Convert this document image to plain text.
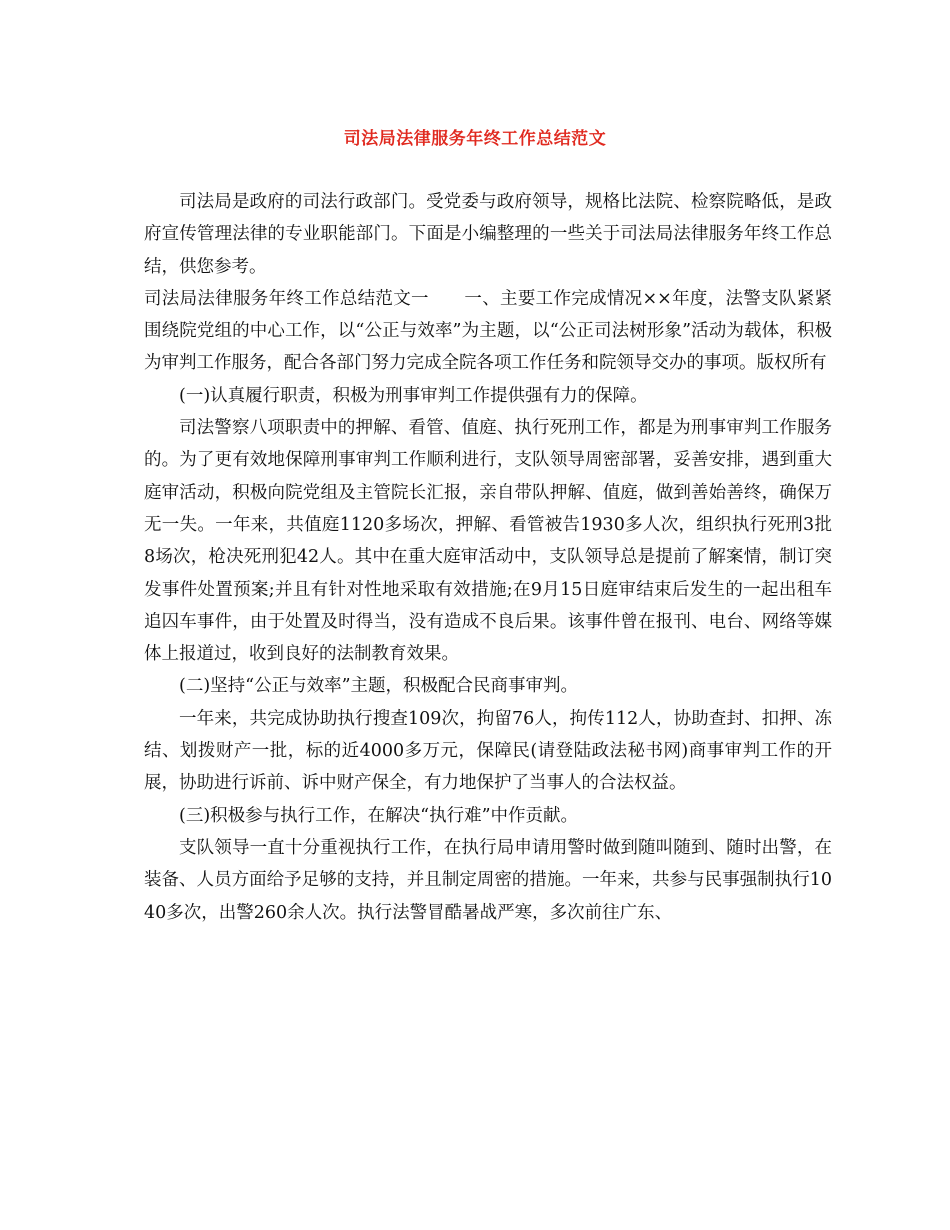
司法局法律服务年终工作总结范文

司法局是政府的司法行政部门。受党委与政府领导，规格比法院、检察院略低，是政府宣传管理法律的专业职能部门。下面是小编整理的一些关于司法局法律服务年终工作总结，供您参考。

司法局法律服务年终工作总结范文一　　一、主要工作完成情况××年度，法警支队紧紧围绕院党组的中心工作，以“公正与效率”为主题，以“公正司法树形象”活动为载体，积极为审判工作服务，配合各部门努力完成全院各项工作任务和院领导交办的事项。版权所有

(一)认真履行职责，积极为刑事审判工作提供强有力的保障。

司法警察八项职责中的押解、看管、值庭、执行死刑工作，都是为刑事审判工作服务的。为了更有效地保障刑事审判工作顺利进行，支队领导周密部署，妥善安排，遇到重大庭审活动，积极向院党组及主管院长汇报，亲自带队押解、值庭，做到善始善终，确保万无一失。一年来，共值庭1120多场次，押解、看管被告1930多人次，组织执行死刑3批8场次，枪决死刑犯42人。其中在重大庭审活动中，支队领导总是提前了解案情，制订突发事件处置预案;并且有针对性地采取有效措施;在9月15日庭审结束后发生的一起出租车追囚车事件，由于处置及时得当，没有造成不良后果。该事件曾在报刊、电台、网络等媒体上报道过，收到良好的法制教育效果。

(二)坚持“公正与效率”主题，积极配合民商事审判。

一年来，共完成协助执行搜查109次，拘留76人，拘传112人，协助查封、扣押、冻结、划拨财产一批，标的近4000多万元，保障民(请登陆政法秘书网)商事审判工作的开展，协助进行诉前、诉中财产保全，有力地保护了当事人的合法权益。

(三)积极参与执行工作，在解决“执行难”中作贡献。

支队领导一直十分重视执行工作，在执行局申请用警时做到随叫随到、随时出警，在装备、人员方面给予足够的支持，并且制定周密的措施。一年来，共参与民事强制执行1040多次，出警260余人次。执行法警冒酷暑战严寒，多次前往广东、
